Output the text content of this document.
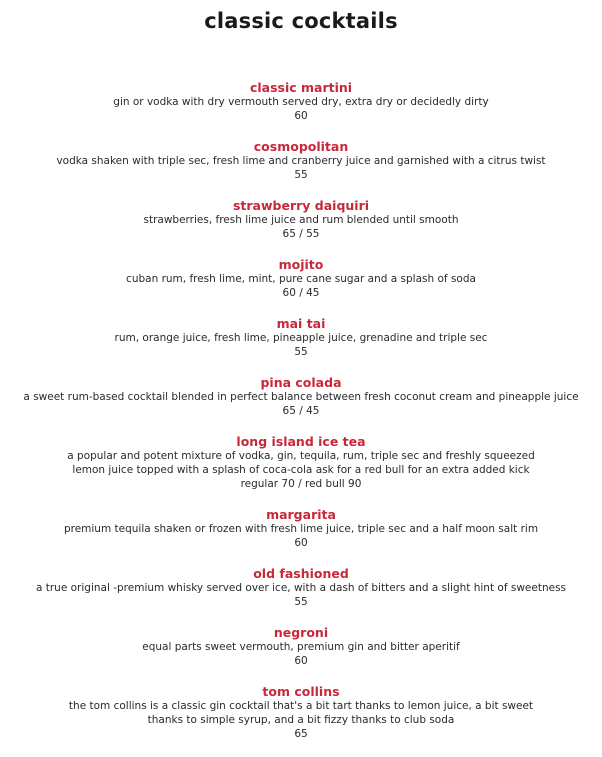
classic cocktails
classic martini
gin or vodka with dry vermouth served dry, extra dry or decidedly dirty
60
cosmopolitan
vodka shaken with triple sec, fresh lime and cranberry juice and garnished with a citrus twist
55
strawberry daiquiri
strawberries, fresh lime juice and rum blended until smooth
65 / 55
mojito
cuban rum, fresh lime, mint, pure cane sugar and a splash of soda
60 / 45
mai tai
rum, orange juice, fresh lime, pineapple juice, grenadine and triple sec
55
pina colada
a sweet rum-based cocktail blended in perfect balance between fresh coconut cream and pineapple juice
65 / 45
long island ice tea
a popular and potent mixture of vodka, gin, tequila, rum, triple sec and freshly squeezed
lemon juice topped with a splash of coca-cola ask for a red bull for an extra added kick
regular 70 / red bull 90
margarita
premium tequila shaken or frozen with fresh lime juice, triple sec and a half moon salt rim
60
old fashioned
a true original -premium whisky served over ice, with a dash of bitters and a slight hint of sweetness
55
negroni
equal parts sweet vermouth, premium gin and bitter aperitif
60
tom collins
the tom collins is a classic gin cocktail that's a bit tart thanks to lemon juice, a bit sweet
thanks to simple syrup, and a bit fizzy thanks to club soda
65
